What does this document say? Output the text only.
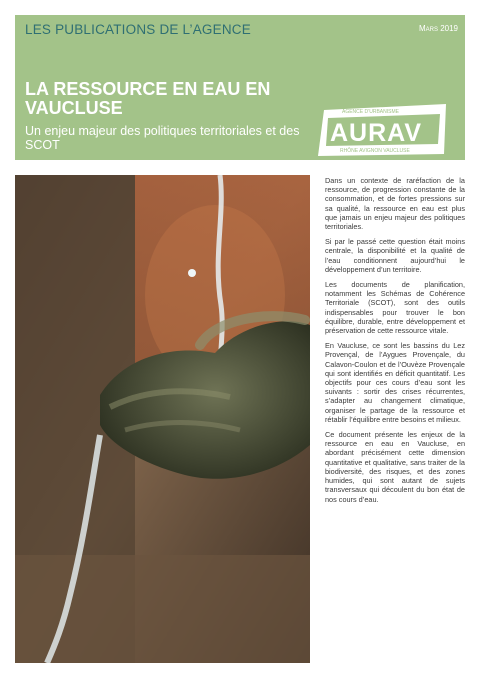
LES PUBLICATIONS DE L’AGENCE	Mars 2019
LA RESSOURCE EN EAU EN VAUCLUSE
Un enjeu majeur des politiques territoriales et des SCOT
AGENCE D’URBANISME
AURAV
RHÔNE AVIGNON VAUCLUSE

Dans un contexte de raréfaction de la ressource, de progression constante de la consommation, et de fortes pressions sur sa qualité, la ressource en eau est plus que jamais un enjeu majeur des politiques territoriales.

Si par le passé cette question était moins centrale, la disponibilité et la qualité de l’eau conditionnent aujourd’hui le développement d’un territoire.

Les documents de planification, notamment les Schémas de Cohérence Territoriale (SCOT), sont des outils indispensables pour trouver le bon équilibre, durable, entre développement et préservation de cette ressource vitale.

En Vaucluse, ce sont les bassins du Lez Provençal, de l’Aygues Provençale, du Calavon-Coulon et de l’Ouvèze Provençale qui sont identifiés en déficit quantitatif. Les objectifs pour ces cours d’eau sont les suivants : sortir des crises récurrentes, s’adapter au changement climatique, organiser le partage de la ressource et rétablir l’équilibre entre besoins et milieux.

Ce document présente les enjeux de la ressource en eau en Vaucluse, en abordant précisément cette dimension quantitative et qualitative, sans traiter de la biodiversité, des risques, et des zones humides, qui sont autant de sujets transversaux qui découlent du bon état de nos cours d’eau.
